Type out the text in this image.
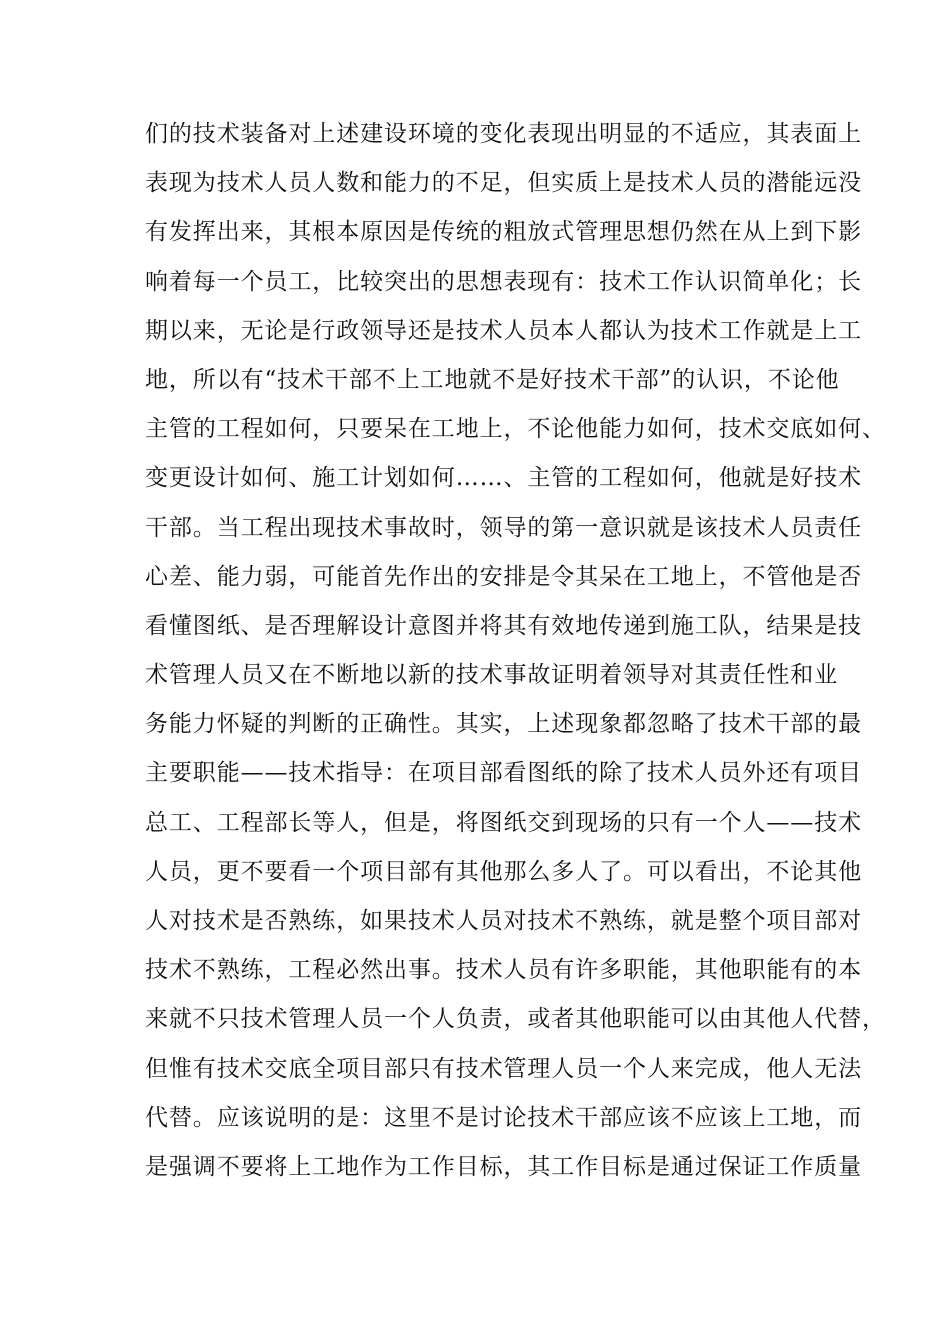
们的技术装备对上述建设环境的变化表现出明显的不适应，其表面上
表现为技术人员人数和能力的不足，但实质上是技术人员的潜能远没
有发挥出来，其根本原因是传统的粗放式管理思想仍然在从上到下影
响着每一个员工，比较突出的思想表现有：技术工作认识简单化；长
期以来，无论是行政领导还是技术人员本人都认为技术工作就是上工
地，所以有“技术干部不上工地就不是好技术干部”的认识，不论他
主管的工程如何，只要呆在工地上，不论他能力如何，技术交底如何、
变更设计如何、施工计划如何……、主管的工程如何，他就是好技术
干部。当工程出现技术事故时，领导的第一意识就是该技术人员责任
心差、能力弱，可能首先作出的安排是令其呆在工地上，不管他是否
看懂图纸、是否理解设计意图并将其有效地传递到施工队，结果是技
术管理人员又在不断地以新的技术事故证明着领导对其责任性和业
务能力怀疑的判断的正确性。其实，上述现象都忽略了技术干部的最
主要职能——技术指导：在项目部看图纸的除了技术人员外还有项目
总工、工程部长等人，但是，将图纸交到现场的只有一个人——技术
人员，更不要看一个项目部有其他那么多人了。可以看出，不论其他
人对技术是否熟练，如果技术人员对技术不熟练，就是整个项目部对
技术不熟练，工程必然出事。技术人员有许多职能，其他职能有的本
来就不只技术管理人员一个人负责，或者其他职能可以由其他人代替，
但惟有技术交底全项目部只有技术管理人员一个人来完成，他人无法
代替。应该说明的是：这里不是讨论技术干部应该不应该上工地，而
是强调不要将上工地作为工作目标，其工作目标是通过保证工作质量
